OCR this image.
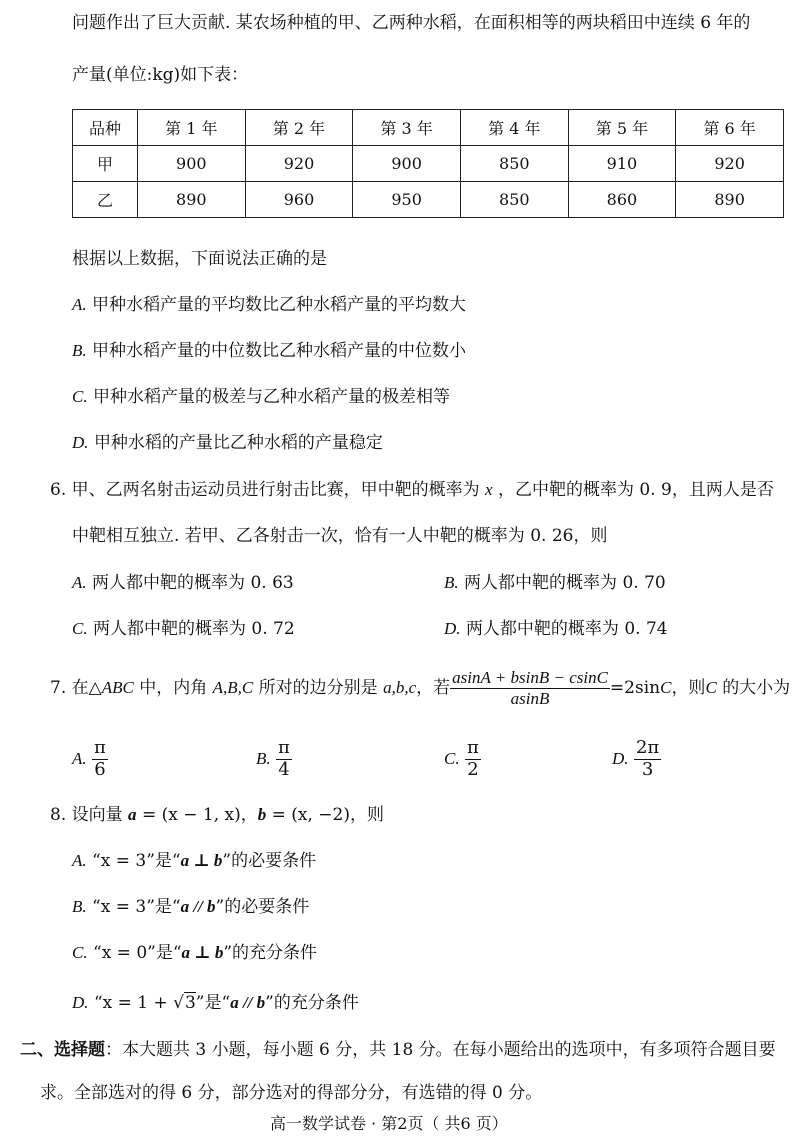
问题作出了巨大贡献. 某农场种植的甲、乙两种水稻，在面积相等的两块稻田中连续 6 年的
产量(单位:kg)如下表：
品种	第 1 年	第 2 年	第 3 年	第 4 年	第 5 年	第 6 年
甲	900	920	900	850	910	920
乙	890	960	950	850	860	890
根据以上数据，下面说法正确的是
A. 甲种水稻产量的平均数比乙种水稻产量的平均数大
B. 甲种水稻产量的中位数比乙种水稻产量的中位数小
C. 甲种水稻产量的极差与乙种水稻产量的极差相等
D. 甲种水稻的产量比乙种水稻的产量稳定
6. 甲、乙两名射击运动员进行射击比赛，甲中靶的概率为 x ，乙中靶的概率为 0. 9，且两人是否
中靶相互独立. 若甲、乙各射击一次，恰有一人中靶的概率为 0. 26，则
A. 两人都中靶的概率为 0. 63	B. 两人都中靶的概率为 0. 70
C. 两人都中靶的概率为 0. 72	D. 两人都中靶的概率为 0. 74
7. 在△ABC 中，内角 A,B,C 所对的边分别是 a,b,c，若 $\frac{asinA + bsinB - csinC}{asinB} =2\sin C$，则C 的大小为
A. $\frac{\pi}{6}$	B. $\frac{\pi}{4}$	C. $\frac{\pi}{2}$	D. $\frac{2\pi}{3}$
8. 设向量 a = (x − 1, x)，b = (x, −2)，则
A. “x = 3”是“a ⊥ b”的必要条件
B. “x = 3”是“a // b”的必要条件
C. “x = 0”是“a ⊥ b”的充分条件
D. “x = 1 + √3”是“a // b”的充分条件
二、选择题：本大题共 3 小题，每小题 6 分，共 18 分。在每小题给出的选项中，有多项符合题目要
求。全部选对的得 6 分，部分选对的得部分分，有选错的得 0 分。
高一数学试卷 · 第2页（ 共6 页）
